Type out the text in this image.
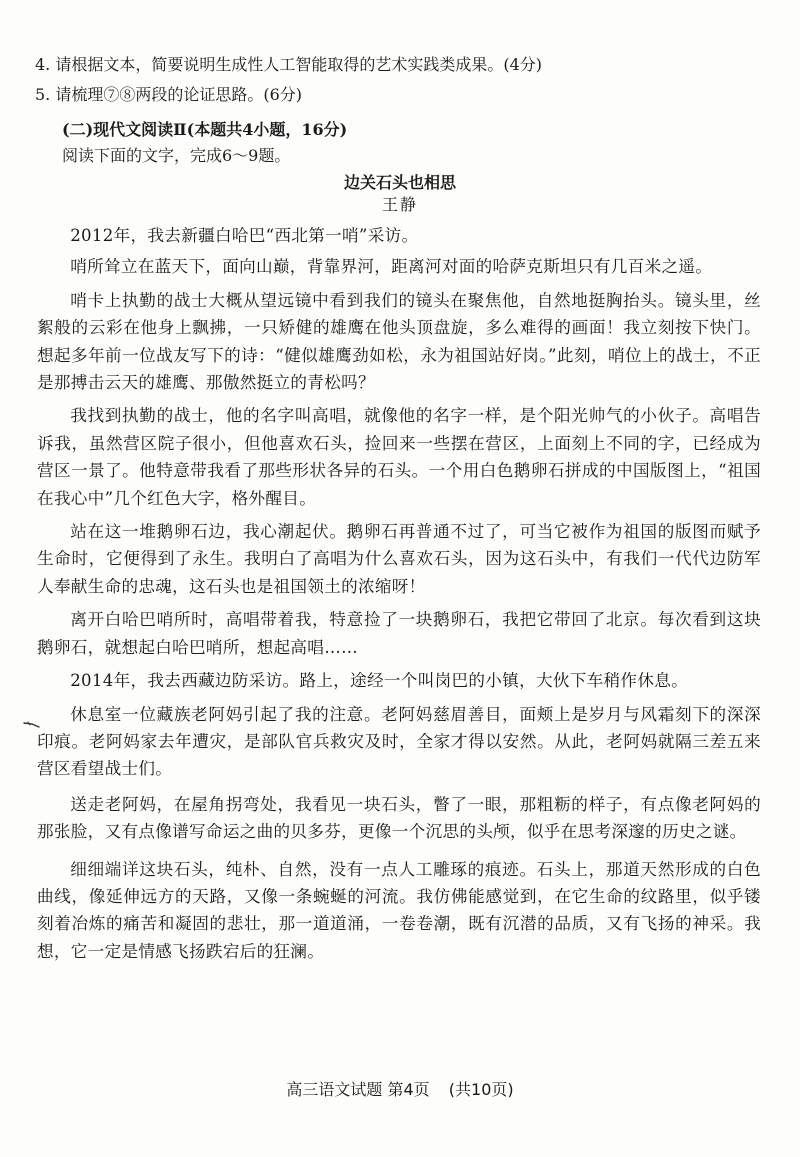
4. 请根据文本，简要说明生成性人工智能取得的艺术实践类成果。(4分)

5. 请梳理⑦⑧两段的论证思路。(6分)

(二)现代文阅读Ⅱ(本题共4小题，16分)
阅读下面的文字，完成6～9题。
边关石头也相思
王静

2012年，我去新疆白哈巴“西北第一哨”采访。

哨所耸立在蓝天下，面向山巅，背靠界河，距离河对面的哈萨克斯坦只有几百米之遥。

哨卡上执勤的战士大概从望远镜中看到我们的镜头在聚焦他，自然地挺胸抬头。镜头里，丝絮般的云彩在他身上飘拂，一只矫健的雄鹰在他头顶盘旋，多么难得的画面！我立刻按下快门。想起多年前一位战友写下的诗：“健似雄鹰劲如松，永为祖国站好岗。”此刻，哨位上的战士，不正是那搏击云天的雄鹰、那傲然挺立的青松吗？

我找到执勤的战士，他的名字叫高唱，就像他的名字一样，是个阳光帅气的小伙子。高唱告诉我，虽然营区院子很小，但他喜欢石头，捡回来一些摆在营区，上面刻上不同的字，已经成为营区一景了。他特意带我看了那些形状各异的石头。一个用白色鹅卵石拼成的中国版图上，“祖国在我心中”几个红色大字，格外醒目。

站在这一堆鹅卵石边，我心潮起伏。鹅卵石再普通不过了，可当它被作为祖国的版图而赋予生命时，它便得到了永生。我明白了高唱为什么喜欢石头，因为这石头中，有我们一代代边防军人奉献生命的忠魂，这石头也是祖国领土的浓缩呀！

离开白哈巴哨所时，高唱带着我，特意捡了一块鹅卵石，我把它带回了北京。每次看到这块鹅卵石，就想起白哈巴哨所，想起高唱……

2014年，我去西藏边防采访。路上，途经一个叫岗巴的小镇，大伙下车稍作休息。

休息室一位藏族老阿妈引起了我的注意。老阿妈慈眉善目，面颊上是岁月与风霜刻下的深深印痕。老阿妈家去年遭灾，是部队官兵救灾及时，全家才得以安然。从此，老阿妈就隔三差五来营区看望战士们。

送走老阿妈，在屋角拐弯处，我看见一块石头，瞥了一眼，那粗粝的样子，有点像老阿妈的那张脸，又有点像谱写命运之曲的贝多芬，更像一个沉思的头颅，似乎在思考深邃的历史之谜。

细细端详这块石头，纯朴、自然，没有一点人工雕琢的痕迹。石头上，那道天然形成的白色曲线，像延伸远方的天路，又像一条蜿蜒的河流。我仿佛能感觉到，在它生命的纹路里，似乎镂刻着冶炼的痛苦和凝固的悲壮，那一道道涌，一卷卷潮，既有沉潜的品质，又有飞扬的神采。我想，它一定是情感飞扬跌宕后的狂澜。

高三语文试题 第4页 (共10页)
